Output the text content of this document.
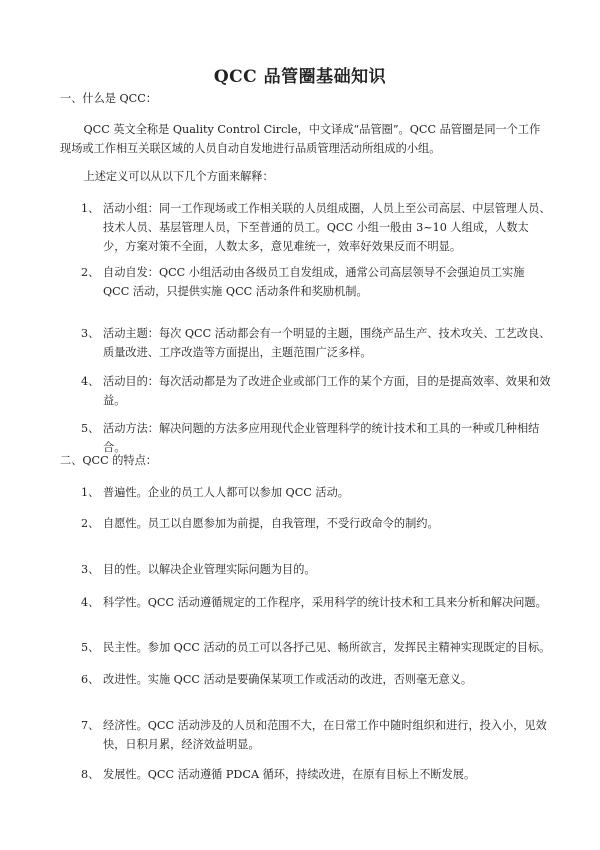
QCC 品管圈基础知识
一、什么是 QCC：
QCC 英文全称是 Quality Control Circle，中文译成“品管圈”。QCC 品管圈是同一个工作现场或工作相互关联区域的人员自动自发地进行品质管理活动所组成的小组。
上述定义可以从以下几个方面来解释：
1、 活动小组：同一工作现场或工作相关联的人员组成圈，人员上至公司高层、中层管理人员、技术人员、基层管理人员，下至普通的员工。QCC 小组一般由 3~10 人组成，人数太少，方案对策不全面，人数太多，意见难统一，效率好效果反而不明显。
2、 自动自发：QCC 小组活动由各级员工自发组成，通常公司高层领导不会强迫员工实施 QCC 活动，只提供实施 QCC 活动条件和奖励机制。
3、 活动主题：每次 QCC 活动都会有一个明显的主题，围绕产品生产、技术攻关、工艺改良、质量改进、工序改造等方面提出，主题范围广泛多样。
4、 活动目的：每次活动都是为了改进企业或部门工作的某个方面，目的是提高效率、效果和效益。
5、 活动方法：解决问题的方法多应用现代企业管理科学的统计技术和工具的一种或几种相结合。
二、QCC 的特点：
1、 普遍性。企业的员工人人都可以参加 QCC 活动。
2、 自愿性。员工以自愿参加为前提，自我管理，不受行政命令的制约。
3、 目的性。以解决企业管理实际问题为目的。
4、 科学性。QCC 活动遵循规定的工作程序，采用科学的统计技术和工具来分析和解决问题。
5、 民主性。参加 QCC 活动的员工可以各抒己见、畅所欲言，发挥民主精神实现既定的目标。
6、 改进性。实施 QCC 活动是要确保某项工作或活动的改进，否则毫无意义。
7、 经济性。QCC 活动涉及的人员和范围不大，在日常工作中随时组织和进行，投入小，见效快，日积月累，经济效益明显。
8、 发展性。QCC 活动遵循 PDCA 循环，持续改进，在原有目标上不断发展。
